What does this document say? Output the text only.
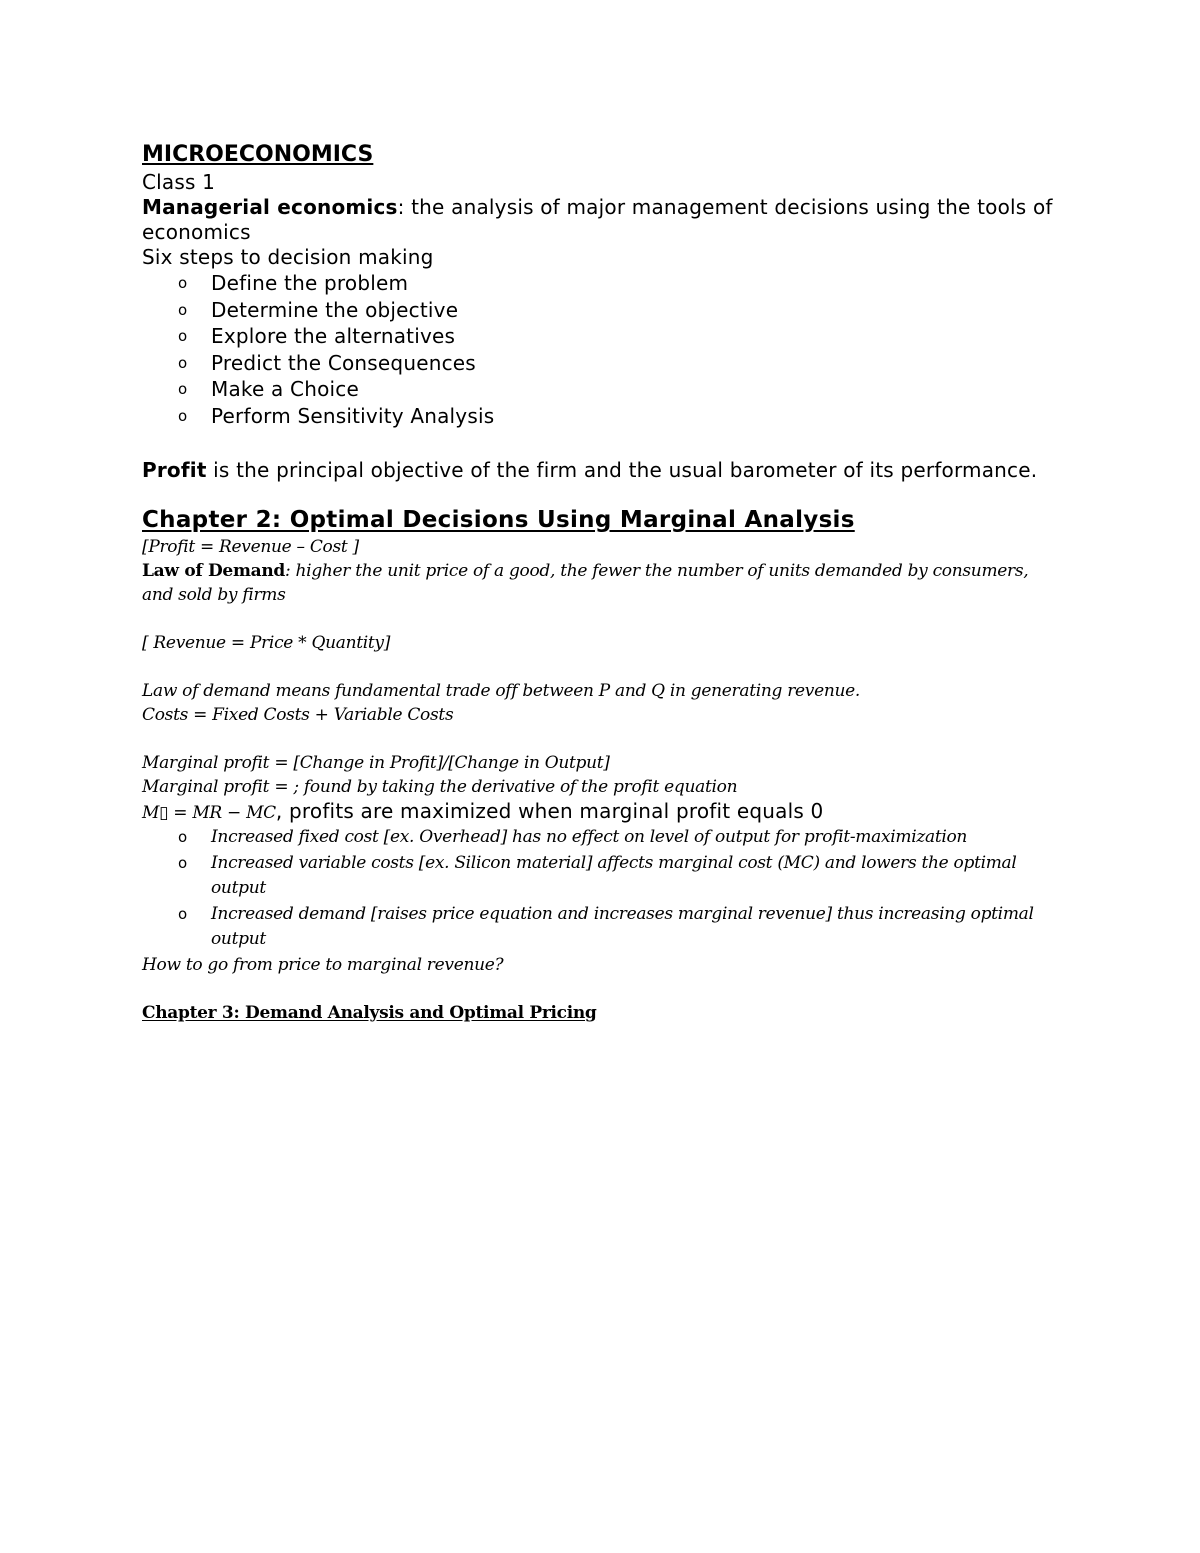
MICROECONOMICS
Class 1
Managerial economics: the analysis of major management decisions using the tools of economics
Six steps to decision making
o Define the problem
o Determine the objective
o Explore the alternatives
o Predict the Consequences
o Make a Choice
o Perform Sensitivity Analysis
Profit is the principal objective of the firm and the usual barometer of its performance.
Chapter 2: Optimal Decisions Using Marginal Analysis
[Profit = Revenue – Cost ]
Law of Demand: higher the unit price of a good, the fewer the number of units demanded by consumers, and sold by firms
[ Revenue = Price * Quantity]
Law of demand means fundamental trade off between P and Q in generating revenue.
Costs = Fixed Costs + Variable Costs
Marginal profit = [Change in Profit]/[Change in Output]
Marginal profit = ; found by taking the derivative of the profit equation
M▯ = MR − MC, profits are maximized when marginal profit equals 0
o Increased fixed cost [ex. Overhead] has no effect on level of output for profit-maximization
o Increased variable costs [ex. Silicon material] affects marginal cost (MC) and lowers the optimal output
o Increased demand [raises price equation and increases marginal revenue] thus increasing optimal output
How to go from price to marginal revenue?
Chapter 3: Demand Analysis and Optimal Pricing
